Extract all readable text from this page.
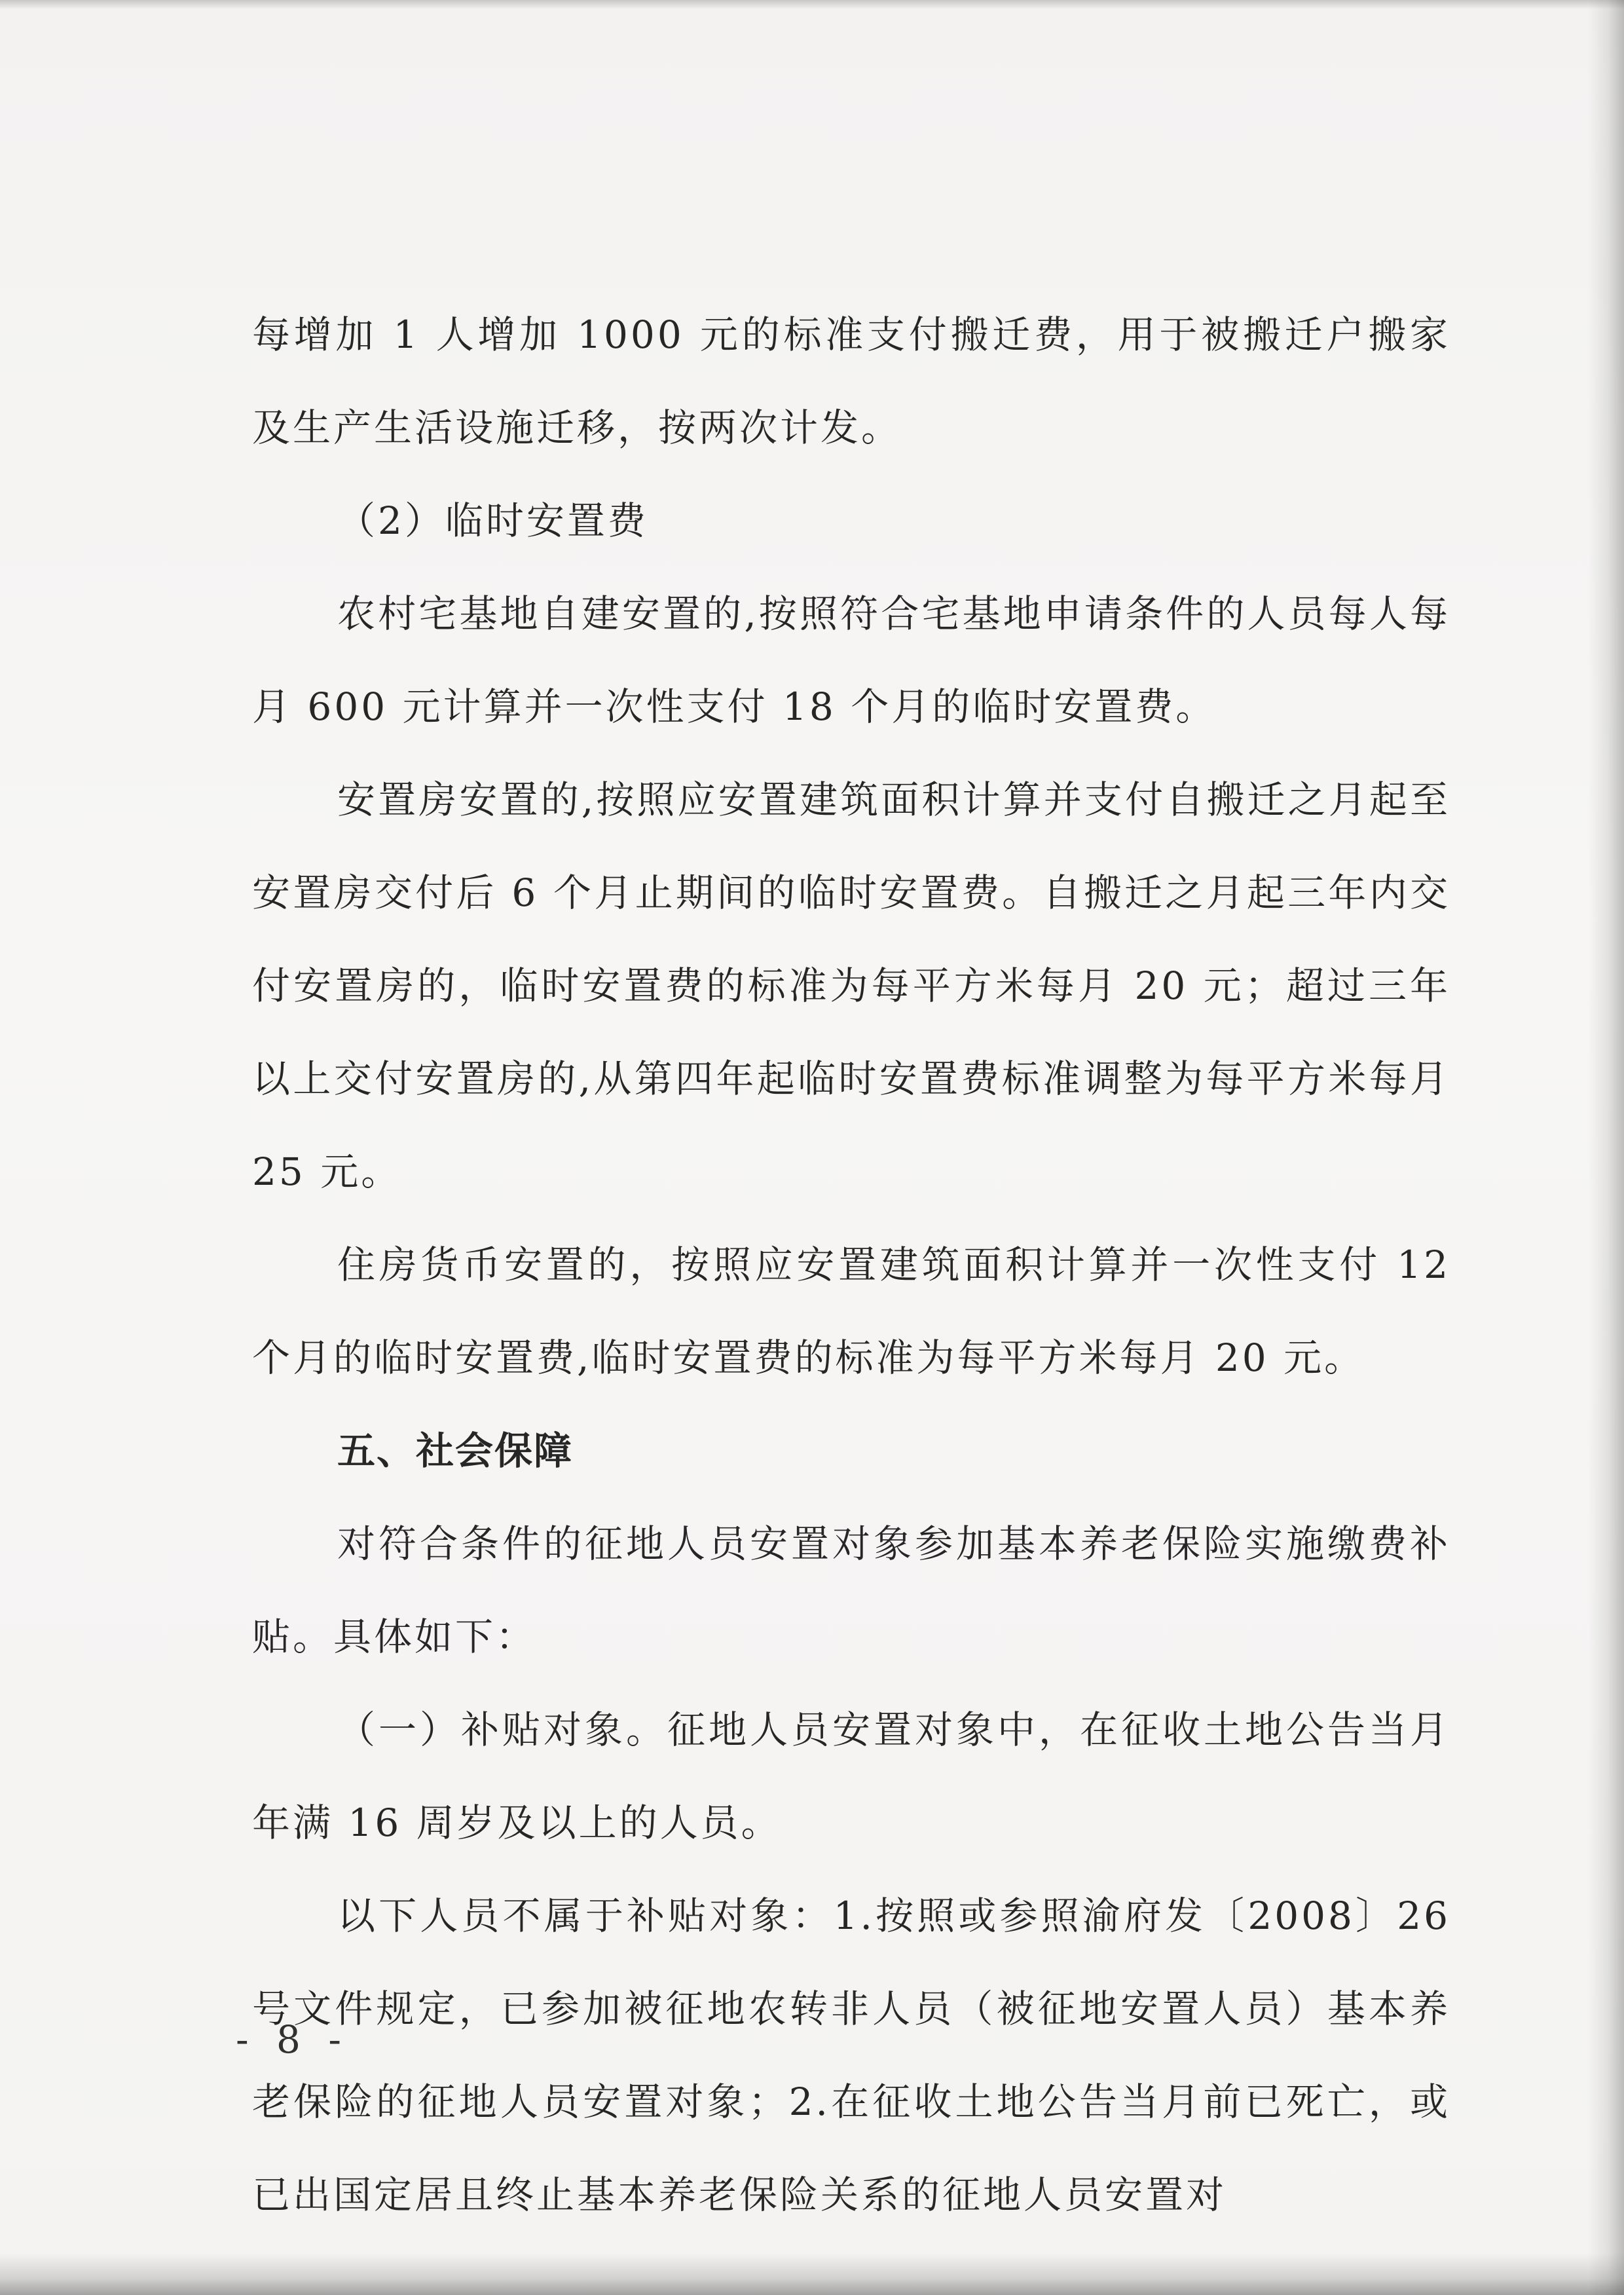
每增加 1 人增加 1000 元的标准支付搬迁费，用于被搬迁户搬家及生产生活设施迁移，按两次计发。

（2）临时安置费

农村宅基地自建安置的,按照符合宅基地申请条件的人员每人每月 600 元计算并一次性支付 18 个月的临时安置费。

安置房安置的,按照应安置建筑面积计算并支付自搬迁之月起至安置房交付后 6 个月止期间的临时安置费。自搬迁之月起三年内交付安置房的，临时安置费的标准为每平方米每月 20 元；超过三年以上交付安置房的,从第四年起临时安置费标准调整为每平方米每月 25 元。

住房货币安置的，按照应安置建筑面积计算并一次性支付 12 个月的临时安置费,临时安置费的标准为每平方米每月 20 元。

五、社会保障

对符合条件的征地人员安置对象参加基本养老保险实施缴费补贴。具体如下：

（一）补贴对象。征地人员安置对象中，在征收土地公告当月年满 16 周岁及以上的人员。

以下人员不属于补贴对象：1.按照或参照渝府发〔2008〕26 号文件规定，已参加被征地农转非人员（被征地安置人员）基本养老保险的征地人员安置对象；2.在征收土地公告当月前已死亡，或已出国定居且终止基本养老保险关系的征地人员安置对

- 8 -
